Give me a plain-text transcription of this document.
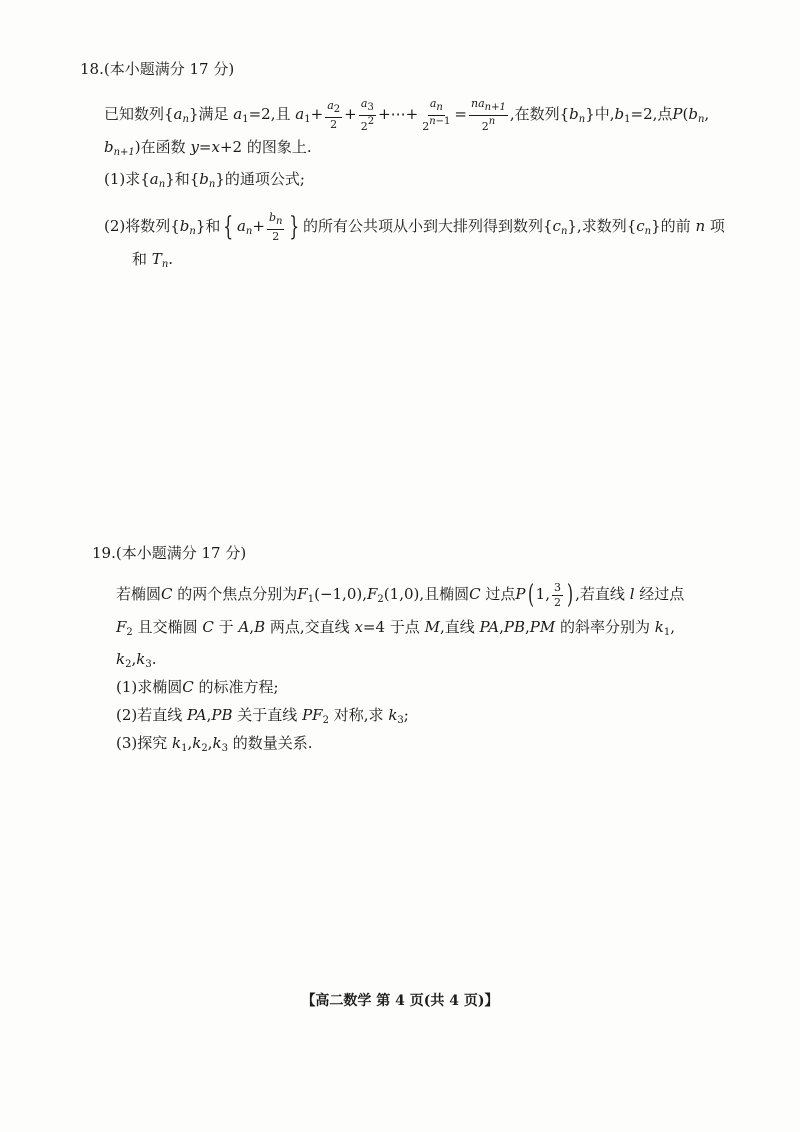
18.(本小题满分 17 分)
已知数列$\{a_n\}$满足 $a_1=2$,且 $a_1+ \frac{a2}{2} + \frac{a3}{22}$ +⋯+ $\frac{an}{2n-1} = \frac{\text{nan+1}}{2n}$ ,在数列$\{b_n\}$中$,b_1=2$,点$P(b_n$,
$b_{n+1}$)在函数 y=x+2 的图象上.
(1)求$\{a_n\}$和$\{b_n\}$的通项公式;
(2)将数列$\{b_n\}$和 { $a_n+ \frac{bn}{2}$ } 的所有公共项从小到大排列得到数列$\{c_n\}$,求数列$\{c_n\}$的前 n 项
和 $T_n$.
19.(本小题满分 17 分)
若椭圆C 的两个焦点分别为$F_1(-1,0),F_2(1,0)$,且椭圆C 过点P( 1, $\frac{3}{2}$ ) ,若直线 l 经过点
$F_2$ 且交椭圆 C 于 A,B 两点,交直线 x=4 于点 M,直线 PA,PB,PM 的斜率分别为 $k_1$,
$k_2,k_3$.
(1)求椭圆C 的标准方程;
(2)若直线 PA,PB 关于直线 $PF_2$ 对称,求 $k_3$;
(3)探究 $k_1,k_2,k_3$ 的数量关系.
【高二数学 第 4 页(共 4 页)】
